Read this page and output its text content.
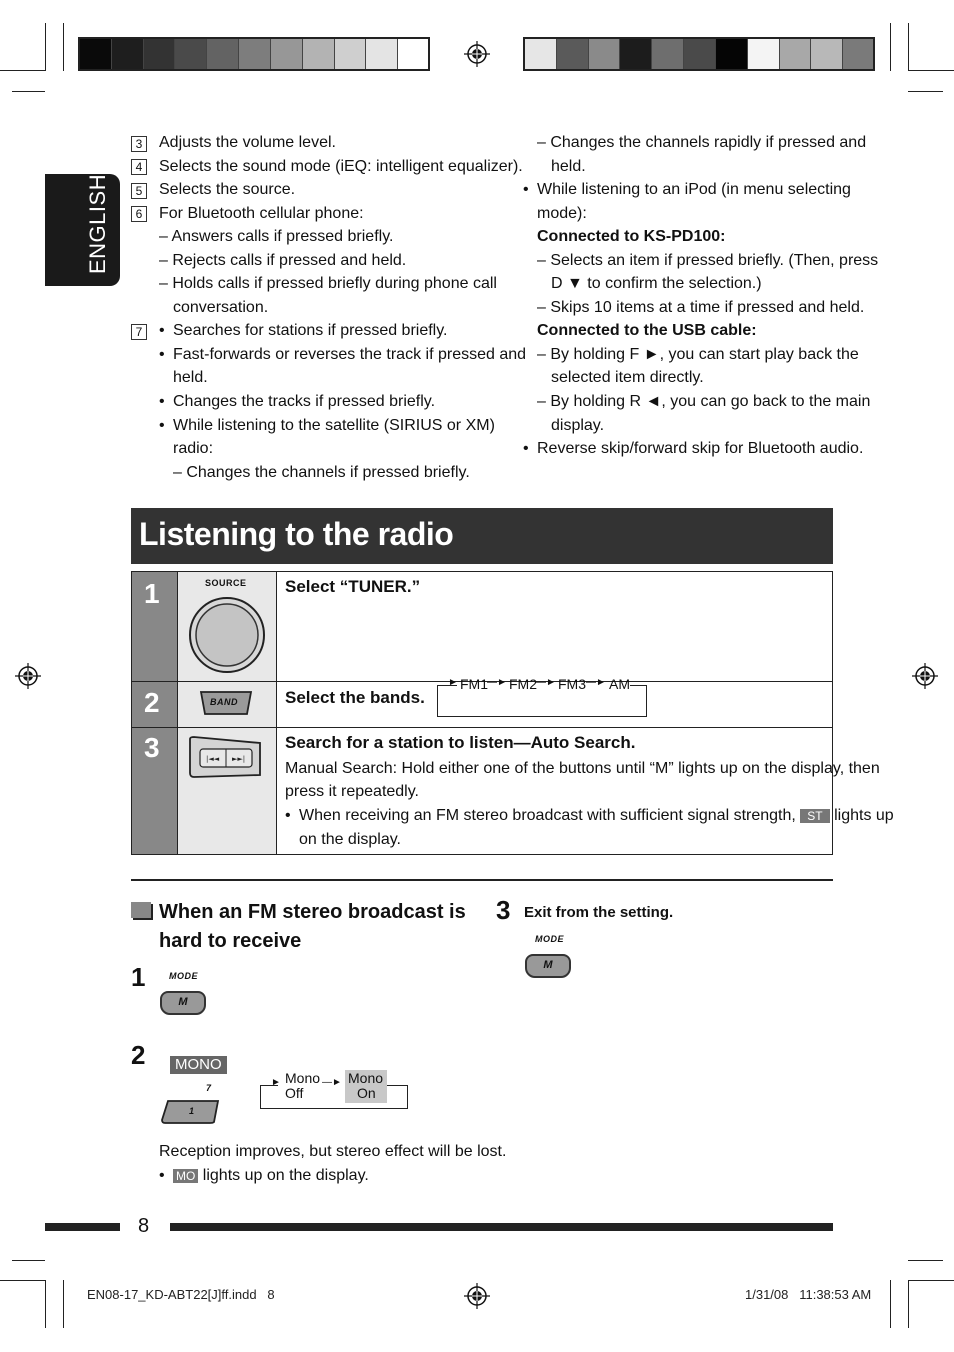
ENGLISH
3 Adjusts the volume level.
4 Selects the sound mode (iEQ: intelligent equalizer).
5 Selects the source.
6 For Bluetooth cellular phone:
– Answers calls if pressed briefly.
– Rejects calls if pressed and held.
– Holds calls if pressed briefly during phone call
conversation.
7 • Searches for stations if pressed briefly.
• Fast-forwards or reverses the track if pressed and
held.
• Changes the tracks if pressed briefly.
• While listening to the satellite (SIRIUS or XM)
radio:
– Changes the channels if pressed briefly.
– Changes the channels rapidly if pressed and
held.
• While listening to an iPod (in menu selecting
mode):
Connected to KS-PD100:
– Selects an item if pressed briefly. (Then, press
D ▼ to confirm the selection.)
– Skips 10 items at a time if pressed and held.
Connected to the USB cable:
– By holding F ►, you can start play back the
selected item directly.
– By holding R ◄, you can go back to the main
display.
• Reverse skip/forward skip for Bluetooth audio.
Listening to the radio
1	SOURCE Select “TUNER.”
2	BAND	Select the bands.
► FM1 —► FM2 —► FM3 —► AM
3	|◄◄ ►►|
Search for a station to listen—Auto Search.
Manual Search: Hold either one of the buttons until “M” lights up on the display, then
press it repeatedly.
• When receiving an FM stereo broadcast with sufficient signal strength, ST lights up
on the display.
When an FM stereo broadcast is
hard to receive
1	MODE
M
2	MONO
7
1
► Mono
Off
—► Mono
On
Reception improves, but stereo effect will be lost.
• MO lights up on the display.
3 Exit from the setting.
MODE
M
8
EN08-17_KD-ABT22[J]ff.indd   8	1/31/08   11:38:53 AM
